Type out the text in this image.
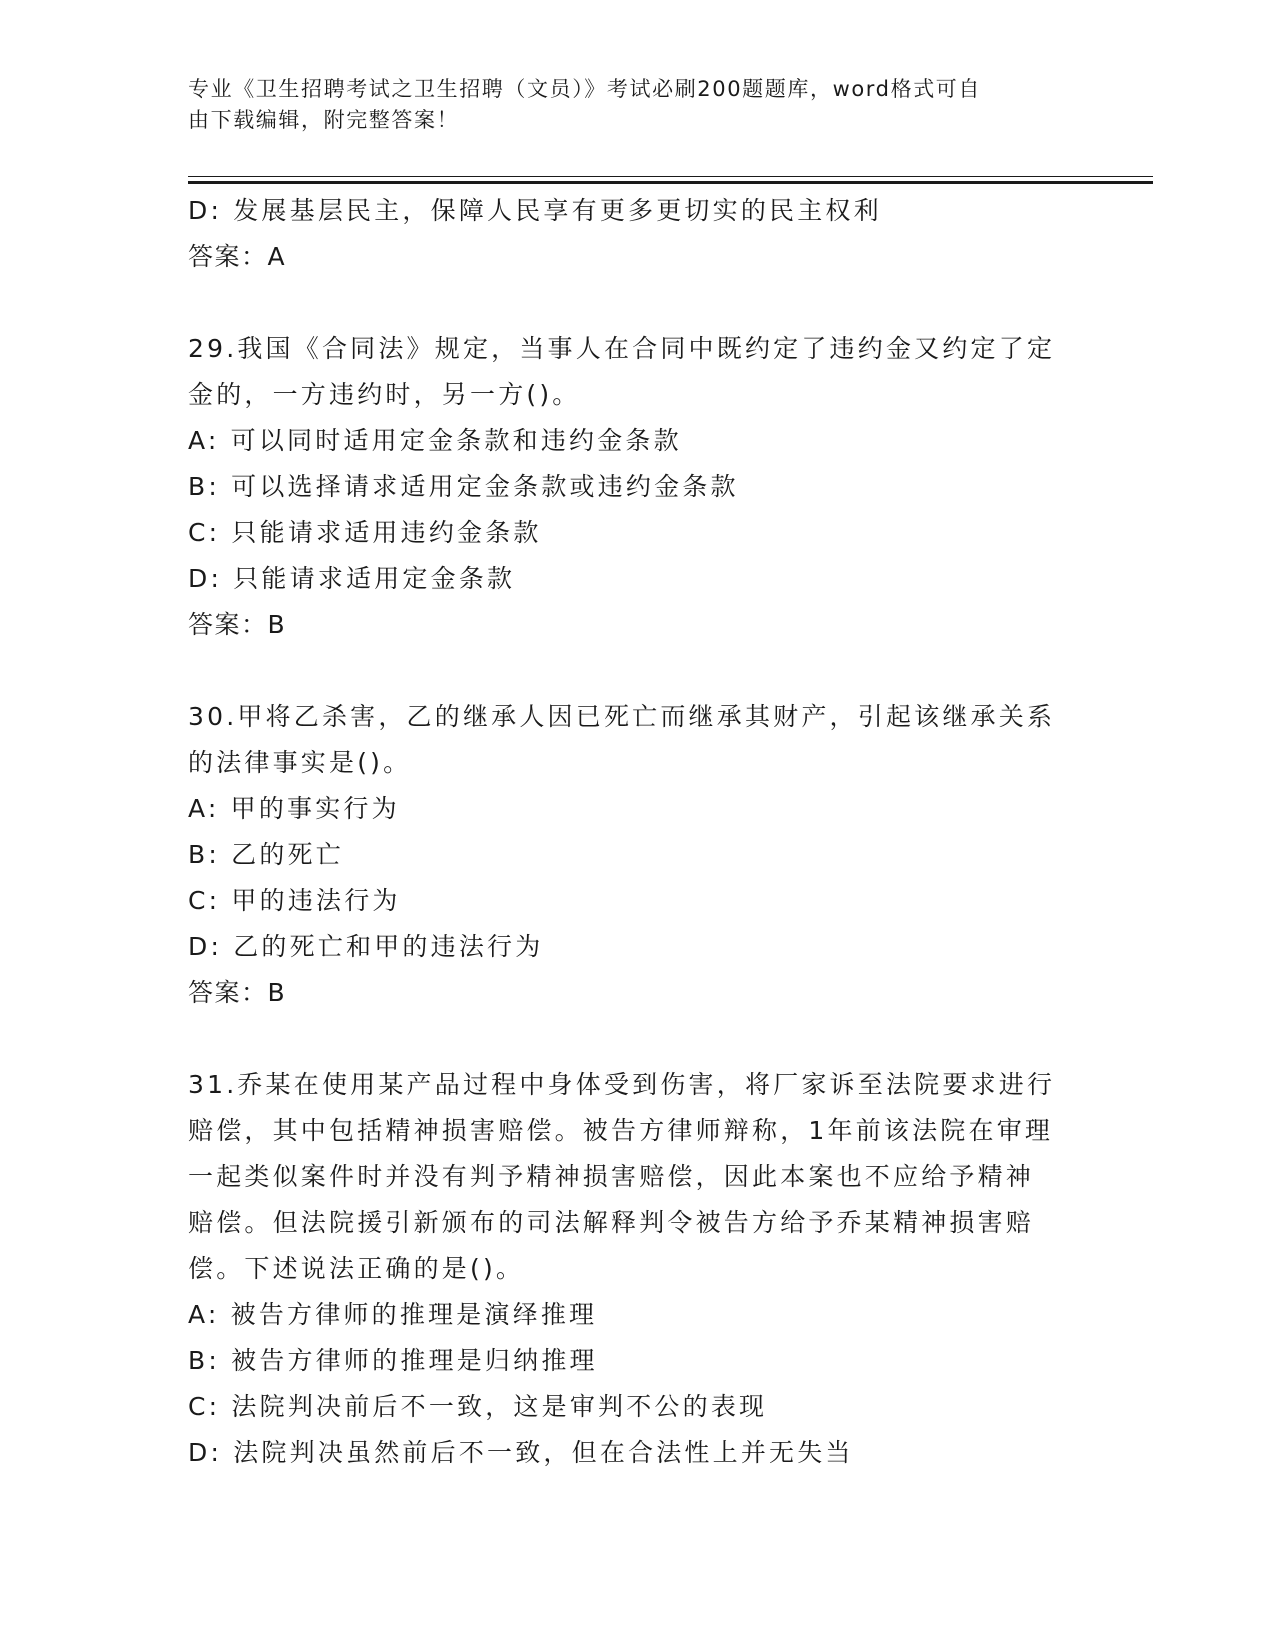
专业《卫生招聘考试之卫生招聘（文员）》考试必刷200题题库，word格式可自
由下载编辑，附完整答案！

D: 发展基层民主，保障人民享有更多更切实的民主权利

答案：A

29.我国《合同法》规定，当事人在合同中既约定了违约金又约定了定

金的，一方违约时，另一方()。

A: 可以同时适用定金条款和违约金条款

B: 可以选择请求适用定金条款或违约金条款

C: 只能请求适用违约金条款

D: 只能请求适用定金条款

答案：B

30.甲将乙杀害，乙的继承人因已死亡而继承其财产，引起该继承关系

的法律事实是()。

A: 甲的事实行为

B: 乙的死亡

C: 甲的违法行为

D: 乙的死亡和甲的违法行为

答案：B

31.乔某在使用某产品过程中身体受到伤害，将厂家诉至法院要求进行

赔偿，其中包括精神损害赔偿。被告方律师辩称，1年前该法院在审理

一起类似案件时并没有判予精神损害赔偿，因此本案也不应给予精神

赔偿。但法院援引新颁布的司法解释判令被告方给予乔某精神损害赔

偿。下述说法正确的是()。

A: 被告方律师的推理是演绎推理

B: 被告方律师的推理是归纳推理

C: 法院判决前后不一致，这是审判不公的表现

D: 法院判决虽然前后不一致，但在合法性上并无失当
